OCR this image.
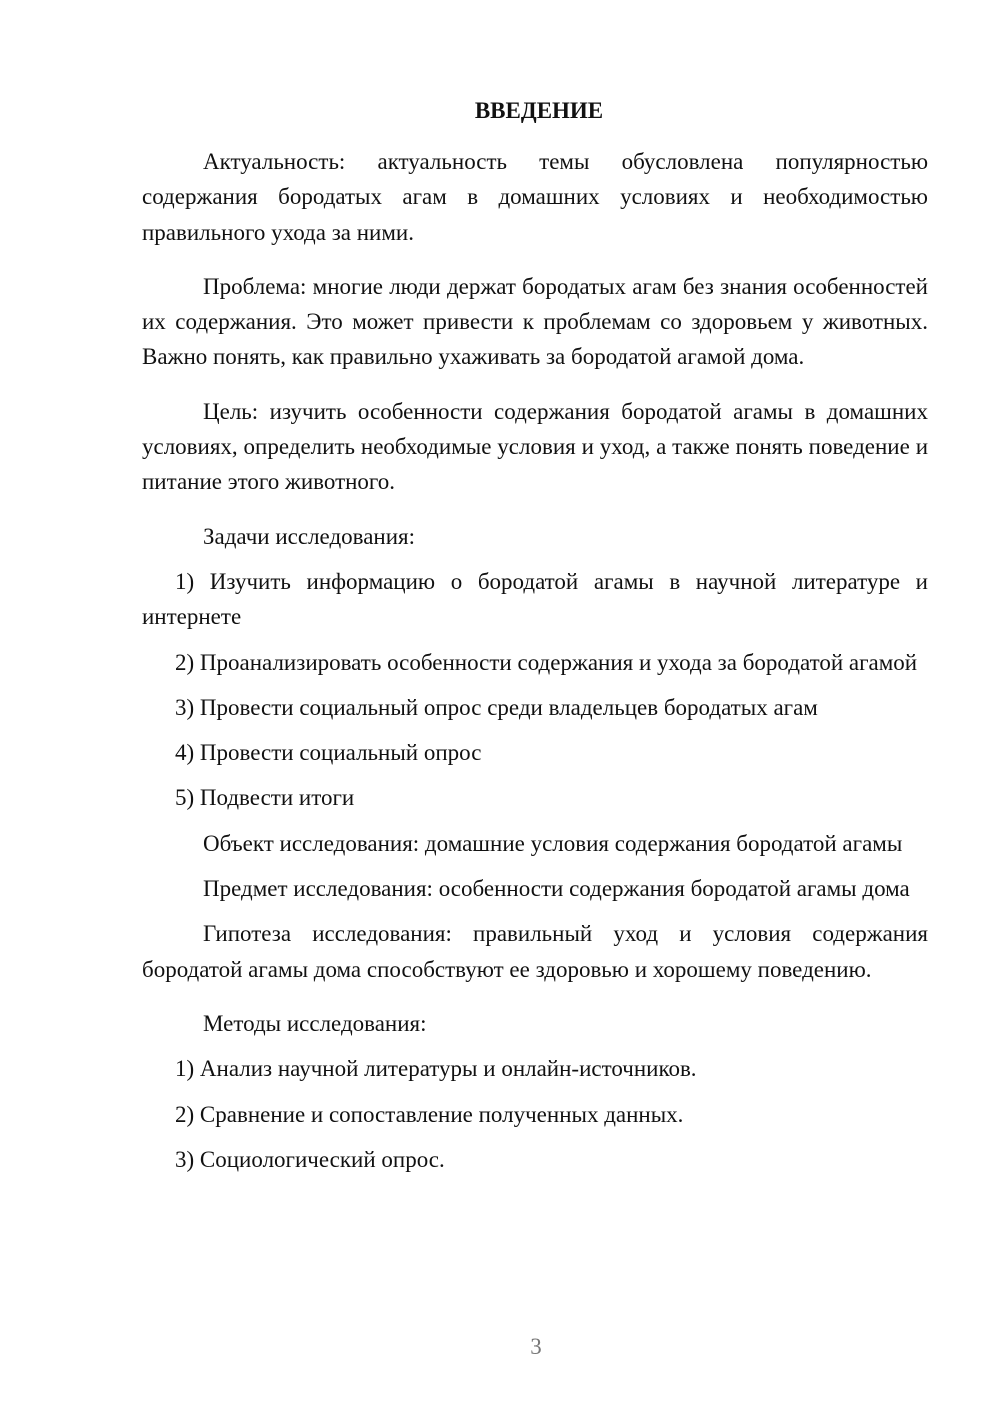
ВВЕДЕНИЕ

Актуальность: актуальность темы обусловлена популярностью содержания бородатых агам в домашних условиях и необходимостью правильного ухода за ними.

Проблема: многие люди держат бородатых агам без знания особенностей их содержания. Это может привести к проблемам со здоровьем у животных. Важно понять, как правильно ухаживать за бородатой агамой дома.

Цель: изучить особенности содержания бородатой агамы в домашних условиях, определить необходимые условия и уход, а также понять поведение и питание этого животного.

Задачи исследования:

1) Изучить информацию о бородатой агамы в научной литературе и интернете

2) Проанализировать особенности содержания и ухода за бородатой агамой

3) Провести социальный опрос среди владельцев бородатых агам

4) Провести социальный опрос

5) Подвести итоги

Объект исследования: домашние условия содержания бородатой агамы

Предмет исследования: особенности содержания бородатой агамы дома

Гипотеза исследования: правильный уход и условия содержания бородатой агамы дома способствуют ее здоровью и хорошему поведению.

Методы исследования:

1) Анализ научной литературы и онлайн-источников.

2) Сравнение и сопоставление полученных данных.

3) Социологический опрос.

3
